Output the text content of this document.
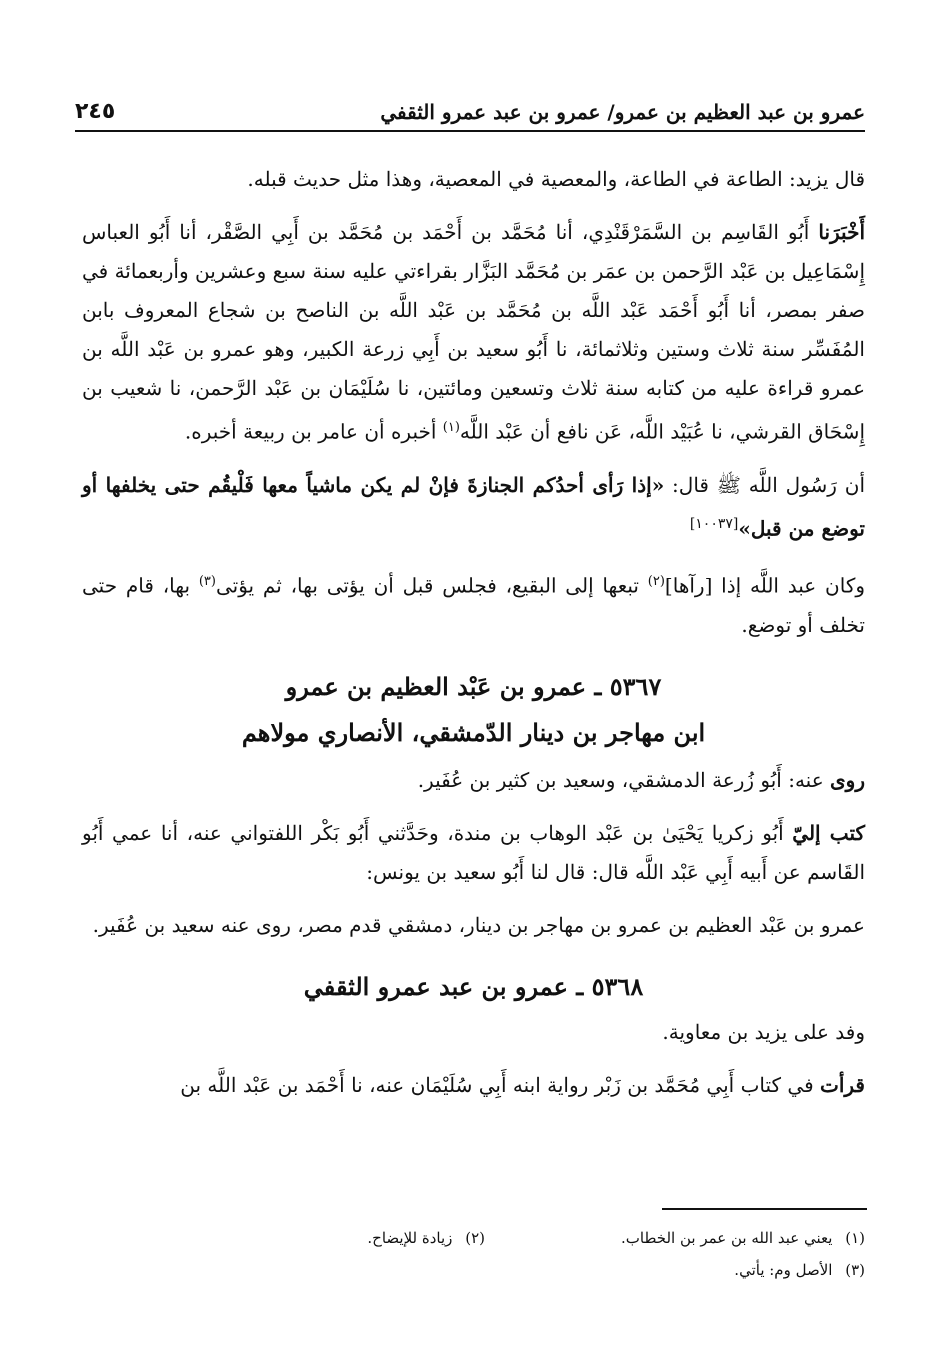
عمرو بن عبد العظيم بن عمرو/ عمرو بن عبد عمرو الثقفي
٢٤٥

قال يزيد: الطاعة في الطاعة، والمعصية في المعصية، وهذا مثل حديث قبله.

أَخْبَرَنا أَبُو القَاسِم بن السَّمَرْقَنْدِي، أنا مُحَمَّد بن أَحْمَد بن مُحَمَّد بن أَبِي الصَّقْر، أنا أَبُو العباس إِسْمَاعِيل بن عَبْد الرَّحمن بن عمَر بن مُحَمَّد البَزَّار بقراءتي عليه سنة سبع وعشرين وأربعمائة في صفر بمصر، أنا أَبُو أَحْمَد عَبْد اللَّه بن مُحَمَّد بن عَبْد اللَّه بن الناصح بن شجاع المعروف بابن المُفَسِّر سنة ثلاث وستين وثلاثمائة، نا أَبُو سعيد بن أَبِي زرعة الكبير، وهو عمرو بن عَبْد اللَّه بن عمرو قراءة عليه من كتابه سنة ثلاث وتسعين ومائتين، نا سُلَيْمَان بن عَبْد الرَّحمن، نا شعيب بن إِسْحَاق القرشي، نا عُبَيْد اللَّه، عَن نافع أن عَبْد اللَّه$^{(١)}$ أخبره أن عامر بن ربيعة أخبره.

أن رَسُول اللَّه ﷺ قال: «إذا رَأى أحدُكم الجنازةَ فإنْ لم يكن ماشياً معها فَلْيقُم حتى يخلفها أو توضع من قبل»[١٠٠٣٧]

وكان عبد اللَّه إذا [رآها]$^{(٢)}$ تبعها إلى البقيع، فجلس قبل أن يؤتى بها، ثم يؤتى$^{(٣)}$ بها، قام حتى تخلف أو توضع.

٥٣٦٧ ـ عمرو بن عَبْد العظيم بن عمرو
ابن مهاجر بن دينار الدّمشقي، الأنصاري مولاهم

روى عنه: أَبُو زُرعة الدمشقي، وسعيد بن كثير بن عُفَير.

كتب إليّ أَبُو زكريا يَحْيَىٰ بن عَبْد الوهاب بن مندة، وحَدَّثني أَبُو بَكْر اللفتواني عنه، أنا عمي أَبُو القَاسم عن أَبيه أَبِي عَبْد اللَّه قال: قال لنا أَبُو سعيد بن يونس:

عمرو بن عَبْد العظيم بن عمرو بن مهاجر بن دينار، دمشقي قدم مصر، روى عنه سعيد بن عُفَير.

٥٣٦٨ ـ عمرو بن عبد عمرو الثقفي

وفد على يزيد بن معاوية.

قرأت في كتاب أَبِي مُحَمَّد بن زَبْر رواية ابنه أَبِي سُلَيْمَان عنه، نا أَحْمَد بن عَبْد اللَّه بن

(١) يعني عبد الله بن عمر بن الخطاب.
(٢) زيادة للإيضاح.
(٣) الأصل وم: يأتي.
